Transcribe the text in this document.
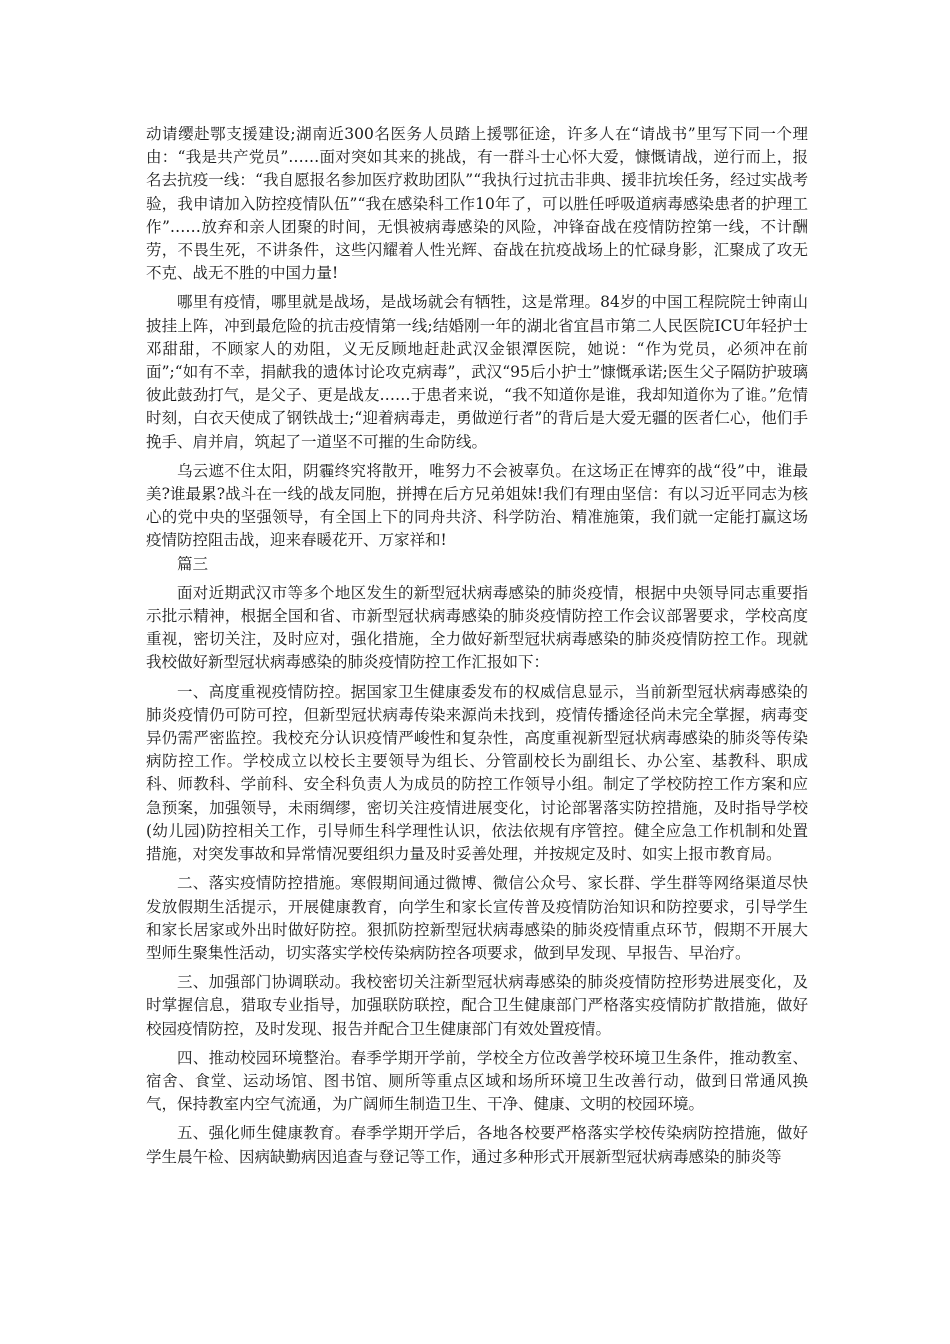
动请缨赴鄂支援建设;湖南近300名医务人员踏上援鄂征途，许多人在“请战书”里写下同一个理由：“我是共产党员”……面对突如其来的挑战，有一群斗士心怀大爱，慷慨请战，逆行而上，报名去抗疫一线：“我自愿报名参加医疗救助团队”“我执行过抗击非典、援非抗埃任务，经过实战考验，我申请加入防控疫情队伍”“我在感染科工作10年了，可以胜任呼吸道病毒感染患者的护理工作”……放弃和亲人团聚的时间，无惧被病毒感染的风险，冲锋奋战在疫情防控第一线，不计酬劳，不畏生死，不讲条件，这些闪耀着人性光辉、奋战在抗疫战场上的忙碌身影，汇聚成了攻无不克、战无不胜的中国力量!

哪里有疫情，哪里就是战场，是战场就会有牺牲，这是常理。84岁的中国工程院院士钟南山披挂上阵，冲到最危险的抗击疫情第一线;结婚刚一年的湖北省宜昌市第二人民医院ICU年轻护士邓甜甜，不顾家人的劝阻，义无反顾地赶赴武汉金银潭医院，她说：“作为党员，必须冲在前面”;“如有不幸，捐献我的遗体讨论攻克病毒”，武汉“95后小护士”慷慨承诺;医生父子隔防护玻璃彼此鼓劲打气，是父子、更是战友……于患者来说，“我不知道你是谁，我却知道你为了谁。”危情时刻，白衣天使成了钢铁战士;“迎着病毒走，勇做逆行者”的背后是大爱无疆的医者仁心，他们手挽手、肩并肩，筑起了一道坚不可摧的生命防线。

乌云遮不住太阳，阴霾终究将散开，唯努力不会被辜负。在这场正在博弈的战“役”中，谁最美?谁最累?战斗在一线的战友同胞，拼搏在后方兄弟姐妹!我们有理由坚信：有以习近平同志为核心的党中央的坚强领导，有全国上下的同舟共济、科学防治、精准施策，我们就一定能打赢这场疫情防控阻击战，迎来春暖花开、万家祥和!

篇三

面对近期武汉市等多个地区发生的新型冠状病毒感染的肺炎疫情，根据中央领导同志重要指示批示精神，根据全国和省、市新型冠状病毒感染的肺炎疫情防控工作会议部署要求，学校高度重视，密切关注，及时应对，强化措施，全力做好新型冠状病毒感染的肺炎疫情防控工作。现就我校做好新型冠状病毒感染的肺炎疫情防控工作汇报如下：

一、高度重视疫情防控。据国家卫生健康委发布的权威信息显示，当前新型冠状病毒感染的肺炎疫情仍可防可控，但新型冠状病毒传染来源尚未找到，疫情传播途径尚未完全掌握，病毒变异仍需严密监控。我校充分认识疫情严峻性和复杂性，高度重视新型冠状病毒感染的肺炎等传染病防控工作。学校成立以校长主要领导为组长、分管副校长为副组长、办公室、基教科、职成科、师教科、学前科、安全科负责人为成员的防控工作领导小组。制定了学校防控工作方案和应急预案，加强领导，未雨绸缪，密切关注疫情进展变化，讨论部署落实防控措施，及时指导学校(幼儿园)防控相关工作，引导师生科学理性认识，依法依规有序管控。健全应急工作机制和处置措施，对突发事故和异常情况要组织力量及时妥善处理，并按规定及时、如实上报市教育局。

二、落实疫情防控措施。寒假期间通过微博、微信公众号、家长群、学生群等网络渠道尽快发放假期生活提示，开展健康教育，向学生和家长宣传普及疫情防治知识和防控要求，引导学生和家长居家或外出时做好防控。狠抓防控新型冠状病毒感染的肺炎疫情重点环节，假期不开展大型师生聚集性活动，切实落实学校传染病防控各项要求，做到早发现、早报告、早治疗。

三、加强部门协调联动。我校密切关注新型冠状病毒感染的肺炎疫情防控形势进展变化，及时掌握信息，猎取专业指导，加强联防联控，配合卫生健康部门严格落实疫情防扩散措施，做好校园疫情防控，及时发现、报告并配合卫生健康部门有效处置疫情。

四、推动校园环境整治。春季学期开学前，学校全方位改善学校环境卫生条件，推动教室、宿舍、食堂、运动场馆、图书馆、厕所等重点区域和场所环境卫生改善行动，做到日常通风换气，保持教室内空气流通，为广阔师生制造卫生、干净、健康、文明的校园环境。

五、强化师生健康教育。春季学期开学后，各地各校要严格落实学校传染病防控措施，做好学生晨午检、因病缺勤病因追查与登记等工作，通过多种形式开展新型冠状病毒感染的肺炎等
